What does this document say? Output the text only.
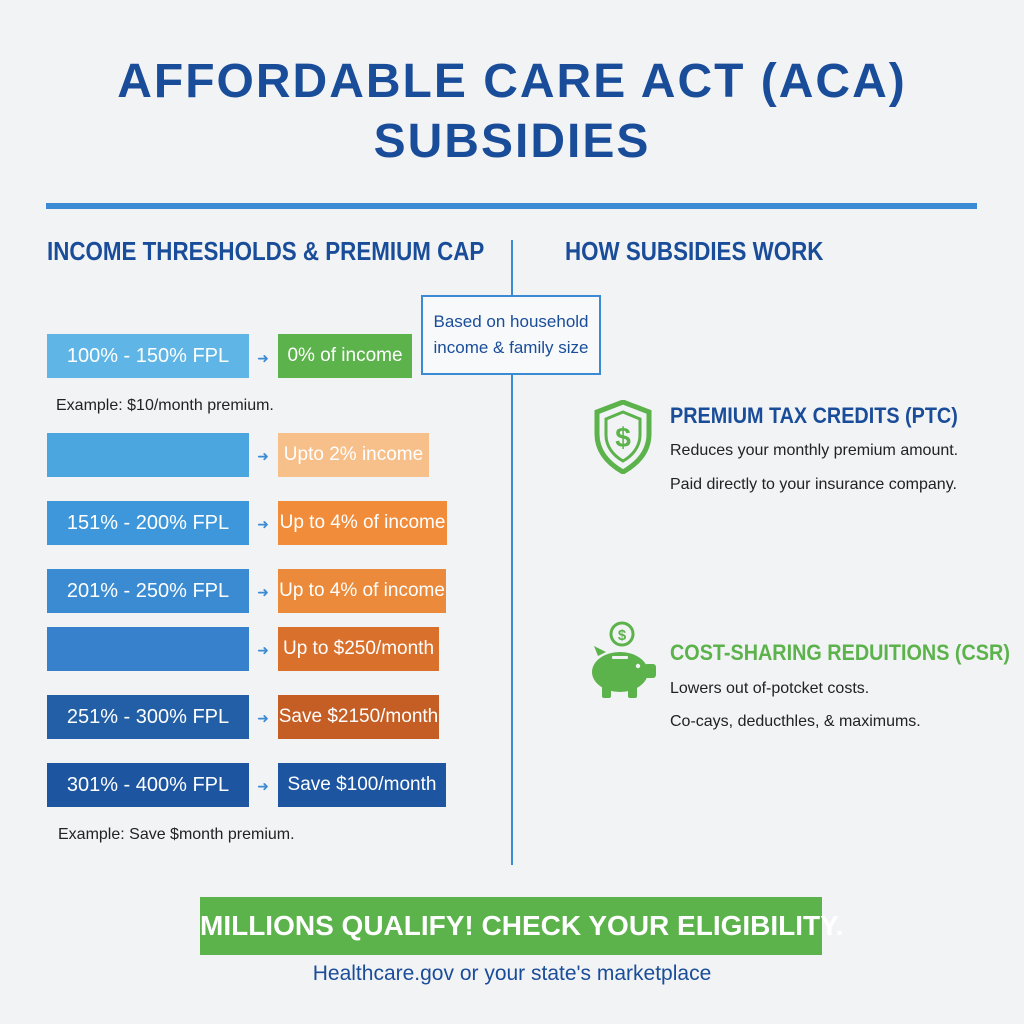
AFFORDABLE CARE ACT (ACA)
SUBSIDIES
INCOME THRESHOLDS & PREMIUM CAP	HOW SUBSIDIES WORK
Based on household
income & family size
100% - 150% FPL	➜ 0% of income
Example: $10/month premium.
➜ Upto 2% income
151% - 200% FPL	➜ Up to 4% of income
201% - 250% FPL	➜ Up to 4% of income
➜ Up to $250/month
251% - 300% FPL	➜ Save $2150/month
301% - 400% FPL	➜ Save $100/month
Example: Save $month premium.
$
PREMIUM TAX CREDITS (PTC)
Reduces your monthly premium amount.
Paid directly to your insurance company.
$
COST-SHARING REDUITIONS (CSR)
Lowers out of-potcket costs.
Co-cays, deducthles, & maximums.
MILLIONS QUALIFY! CHECK YOUR ELIGIBILITY.
Healthcare.gov or your state's marketplace
